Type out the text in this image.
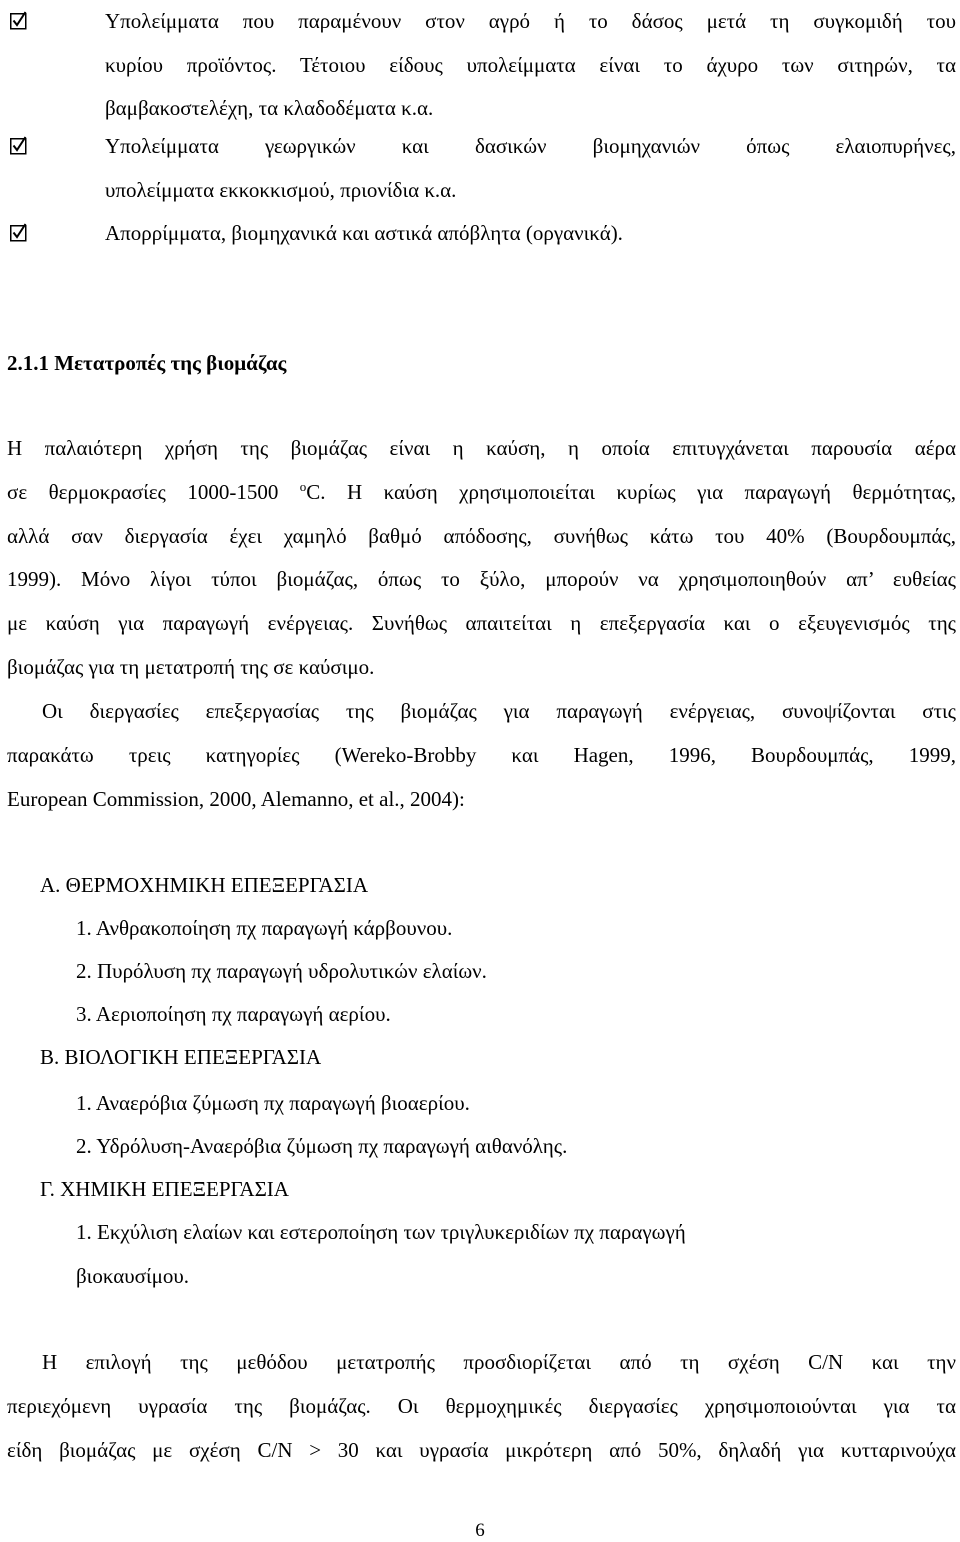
Υπολείμματα που παραμένουν στον αγρό ή το δάσος μετά τη συγκομιδή του
κυρίου προϊόντος. Τέτοιου είδους υπολείμματα είναι το άχυρο των σιτηρών, τα
βαμβακοστελέχη, τα κλαδοδέματα κ.α.
Υπολείμματα γεωργικών και δασικών βιομηχανιών όπως ελαιοπυρήνες,
υπολείμματα εκκοκκισμού, πριονίδια κ.α.
Απορρίμματα, βιομηχανικά και αστικά απόβλητα (οργανικά).
2.1.1 Μετατροπές της βιομάζας
Η παλαιότερη χρήση της βιομάζας είναι η καύση, η οποία επιτυγχάνεται παρουσία αέρα
σε θερμοκρασίες 1000-1500 $^o$C. Η καύση χρησιμοποιείται κυρίως για παραγωγή θερμότητας,
αλλά σαν διεργασία έχει χαμηλό βαθμό απόδοσης, συνήθως κάτω του 40% (Βουρδουμπάς,
1999). Μόνο λίγοι τύποι βιομάζας, όπως το ξύλο, μπορούν να χρησιμοποιηθούν απ’ ευθείας
με καύση για παραγωγή ενέργειας. Συνήθως απαιτείται η επεξεργασία και ο εξευγενισμός της
βιομάζας για τη μετατροπή της σε καύσιμο.
Οι διεργασίες επεξεργασίας της βιομάζας για παραγωγή ενέργειας, συνοψίζονται στις
παρακάτω τρεις κατηγορίες (Wereko-Brobby και Hagen, 1996, Βουρδουμπάς, 1999,
European Commission, 2000, Alemanno, et al., 2004):
Α. ΘΕΡΜΟΧΗΜΙΚΗ ΕΠΕΞΕΡΓΑΣΙΑ
1. Ανθρακοποίηση πχ παραγωγή κάρβουνου.
2. Πυρόλυση πχ παραγωγή υδρολυτικών ελαίων.
3. Αεριοποίηση πχ παραγωγή αερίου.
Β. ΒΙΟΛΟΓΙΚΗ ΕΠΕΞΕΡΓΑΣΙΑ
1. Αναερόβια ζύμωση πχ παραγωγή βιοαερίου.
2. Υδρόλυση-Αναερόβια ζύμωση πχ παραγωγή αιθανόλης.
Γ. ΧΗΜΙΚΗ ΕΠΕΞΕΡΓΑΣΙΑ
1. Εκχύλιση ελαίων και εστεροποίηση των τριγλυκεριδίων πχ παραγωγή
βιοκαυσίμου.
Η επιλογή της μεθόδου μετατροπής προσδιορίζεται από τη σχέση C/N και την
περιεχόμενη υγρασία της βιομάζας. Οι θερμοχημικές διεργασίες χρησιμοποιούνται για τα
είδη βιομάζας με σχέση C/N > 30 και υγρασία μικρότερη από 50%, δηλαδή για κυτταρινούχα
6
